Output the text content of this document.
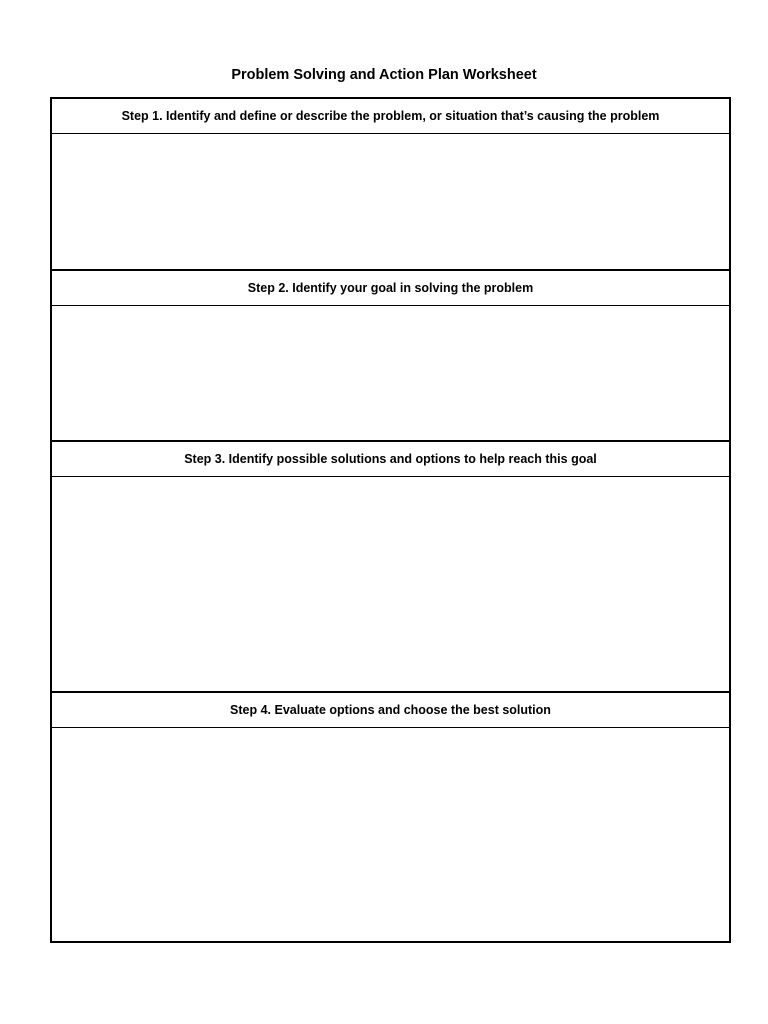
Problem Solving and Action Plan Worksheet
Step 1. Identify and define or describe the problem, or situation that’s causing the problem
Step 2. Identify your goal in solving the problem
Step 3. Identify possible solutions and options to help reach this goal
Step 4. Evaluate options and choose the best solution
